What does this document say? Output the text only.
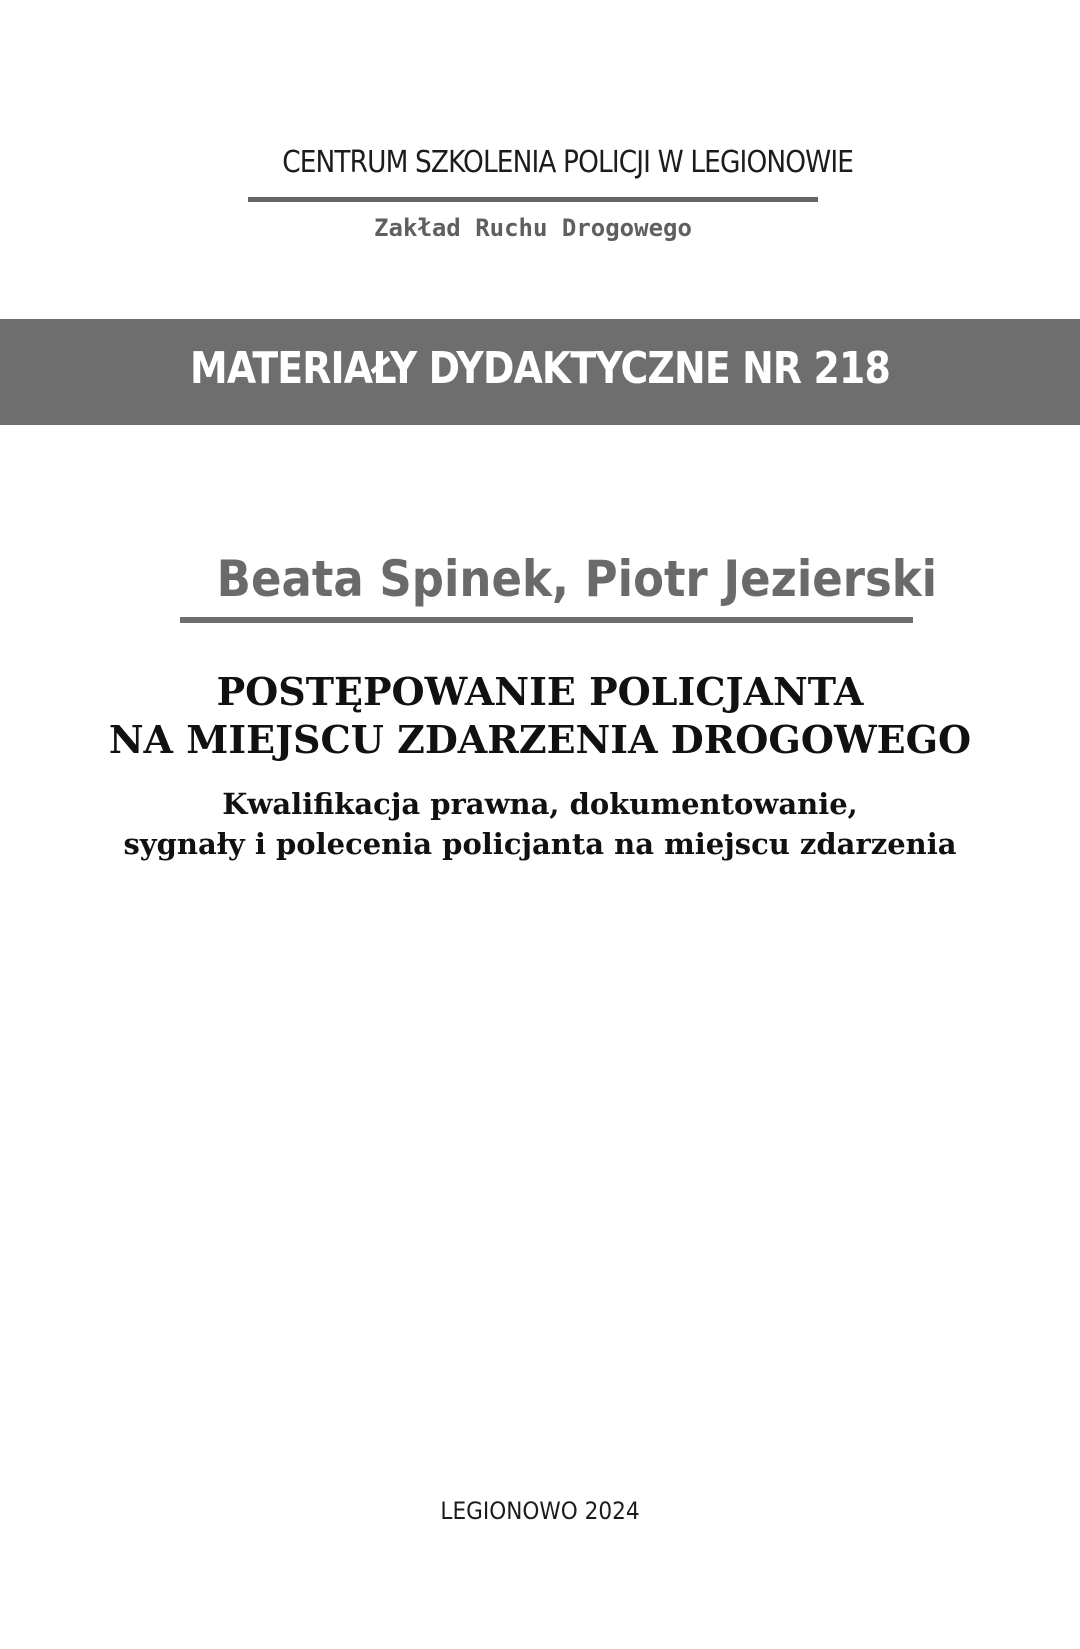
CENTRUM SZKOLENIA POLICJI W LEGIONOWIE
Zakład Ruchu Drogowego
MATERIAŁY DYDAKTYCZNE NR 218
Beata Spinek, Piotr Jezierski
POSTĘPOWANIE POLICJANTA
NA MIEJSCU ZDARZENIA DROGOWEGO
Kwalifikacja prawna, dokumentowanie,
sygnały i polecenia policjanta na miejscu zdarzenia
LEGIONOWO 2024
